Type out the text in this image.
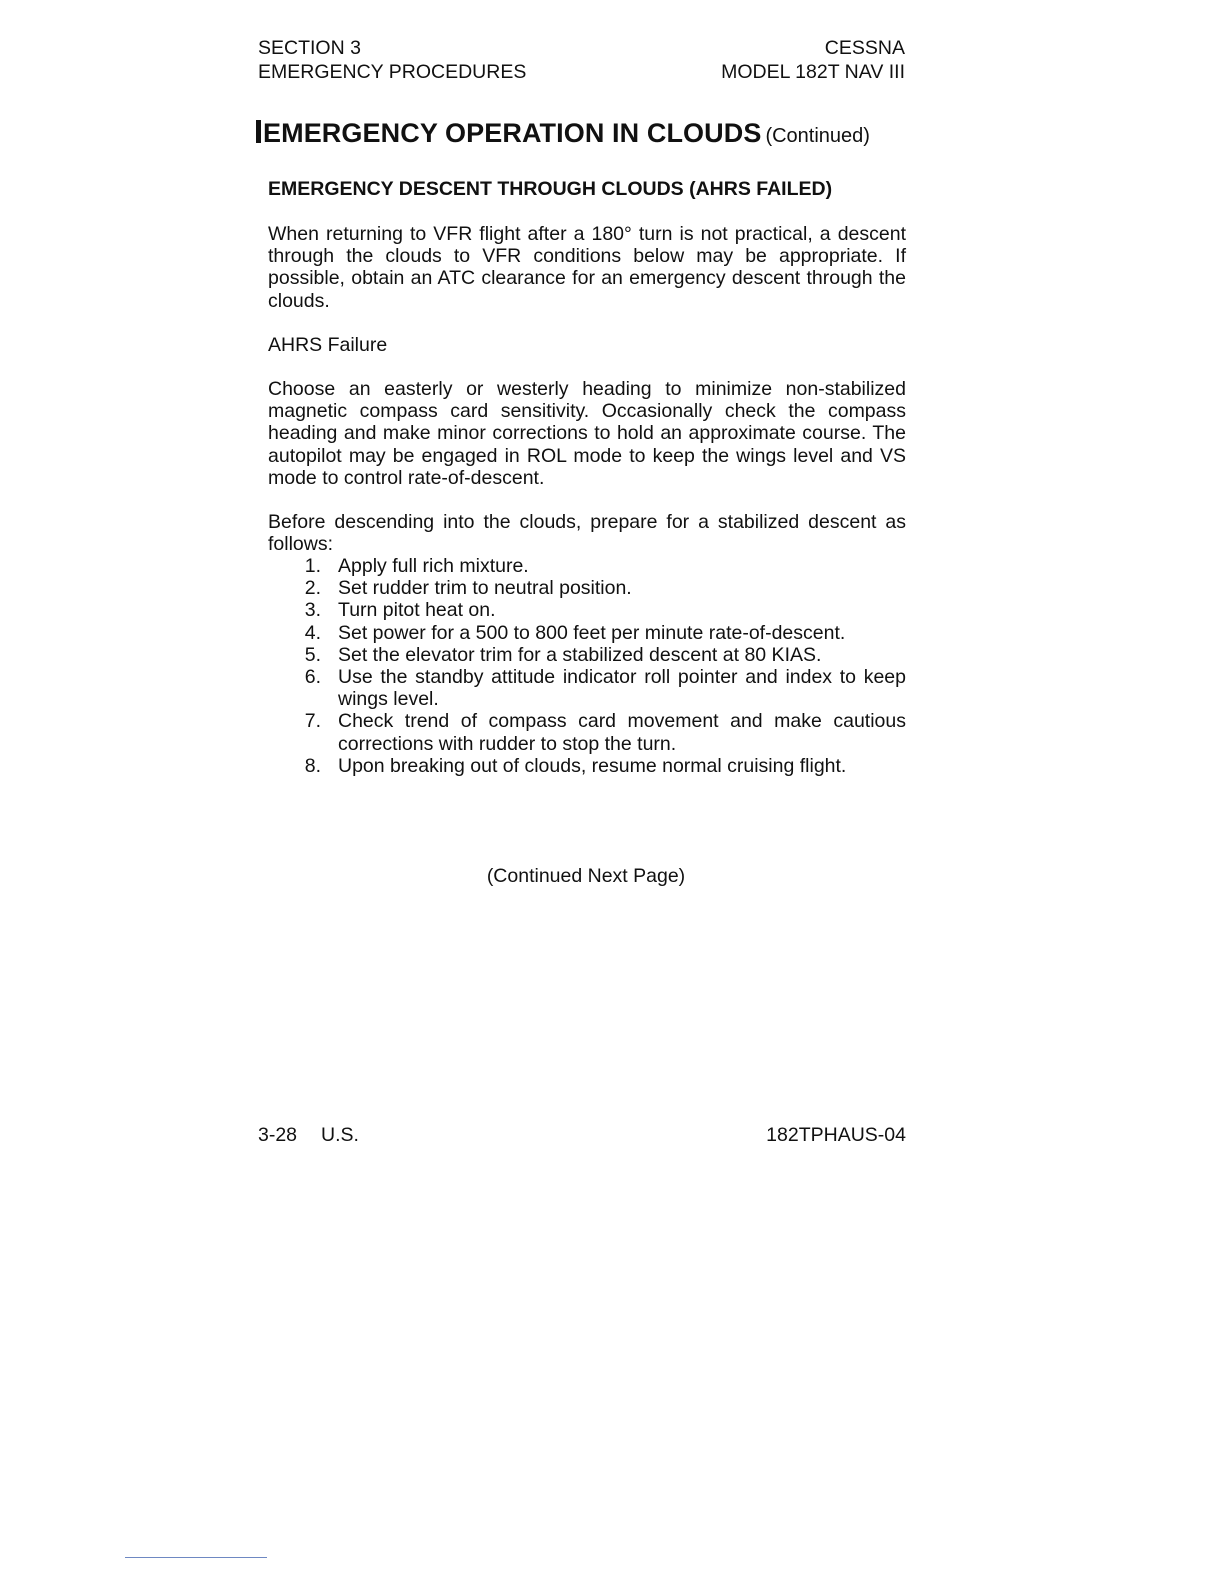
SECTION 3
EMERGENCY PROCEDURES
CESSNA
MODEL 182T NAV III
EMERGENCY OPERATION IN CLOUDS (Continued)
EMERGENCY DESCENT THROUGH CLOUDS (AHRS FAILED)
When returning to VFR flight after a 180° turn is not practical, a descent through the clouds to VFR conditions below may be appropriate. If possible, obtain an ATC clearance for an emergency descent through the clouds.
AHRS Failure
Choose an easterly or westerly heading to minimize non-stabilized magnetic compass card sensitivity. Occasionally check the compass heading and make minor corrections to hold an approximate course. The autopilot may be engaged in ROL mode to keep the wings level and VS mode to control rate-of-descent.
Before descending into the clouds, prepare for a stabilized descent as follows:
1. Apply full rich mixture.
2. Set rudder trim to neutral position.
3. Turn pitot heat on.
4. Set power for a 500 to 800 feet per minute rate-of-descent.
5. Set the elevator trim for a stabilized descent at 80 KIAS.
6. Use the standby attitude indicator roll pointer and index to keep wings level.
7. Check trend of compass card movement and make cautious corrections with rudder to stop the turn.
8. Upon breaking out of clouds, resume normal cruising flight.
(Continued Next Page)
3-28 U.S.	182TPHAUS-04
